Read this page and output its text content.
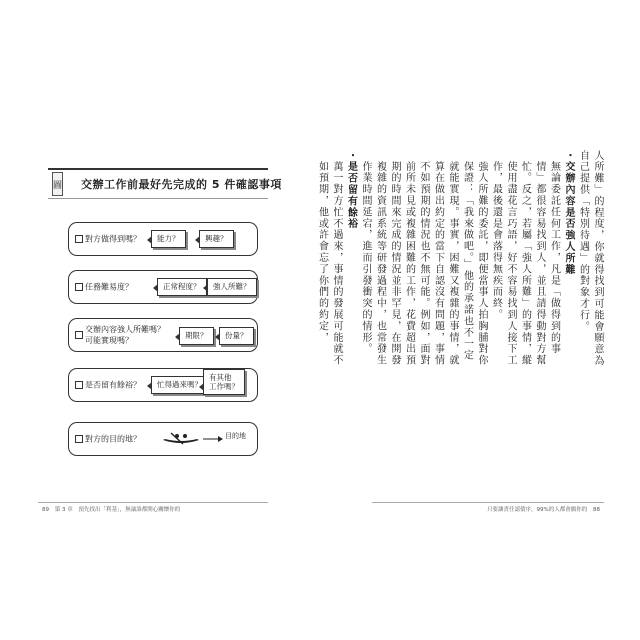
圖 交辦工作前最好先完成的 5 件確認事項
對方做得到嗎？	能力？	興趣？
任務難易度？	正常程度？	強人所難？
交辦內容強人所難嗎？
可能實現嗎？
期限？	份量？
是否留有餘裕？	忙得過來嗎？
有其他
工作嗎？
對方的目的地？	目的地

人所難」的程度，你就得找到可能會願意為自己提供「特別待遇」的對象才行。

・交辦內容是否強人所難

無論委託任何工作，凡是「做得到的事情」都很容易找到人，並且請得動對方幫忙。反之，若屬「強人所難」的事情，縱使用盡花言巧語，好不容易找到人接下工作，最後還是會落得無疾而終。

強人所難的委託，即便當事人拍胸脯對你保證：「我來做吧。」他的承諾也不一定就能實現。事實，困難又複雜的事情，就算在做出約定的當下自認沒有問題，事情不如預期的情況也不無可能。例如，面對前所未見或複雜困難的工作，花費超出預期的時間來完成的情況並非罕見，在開發複雜的資訊系統等研發過程中，也常發生作業時間延宕，進而引發衝突的情形。

・是否留有餘裕

萬一對方忙不過來，事情的發展可能就不如預期，他或許會忘了你們的約定，

89 第 3 章 預先找出「利基」，無論誰都開心關懷你的	只要讓責任認債序，99%的人都會願你的 88
